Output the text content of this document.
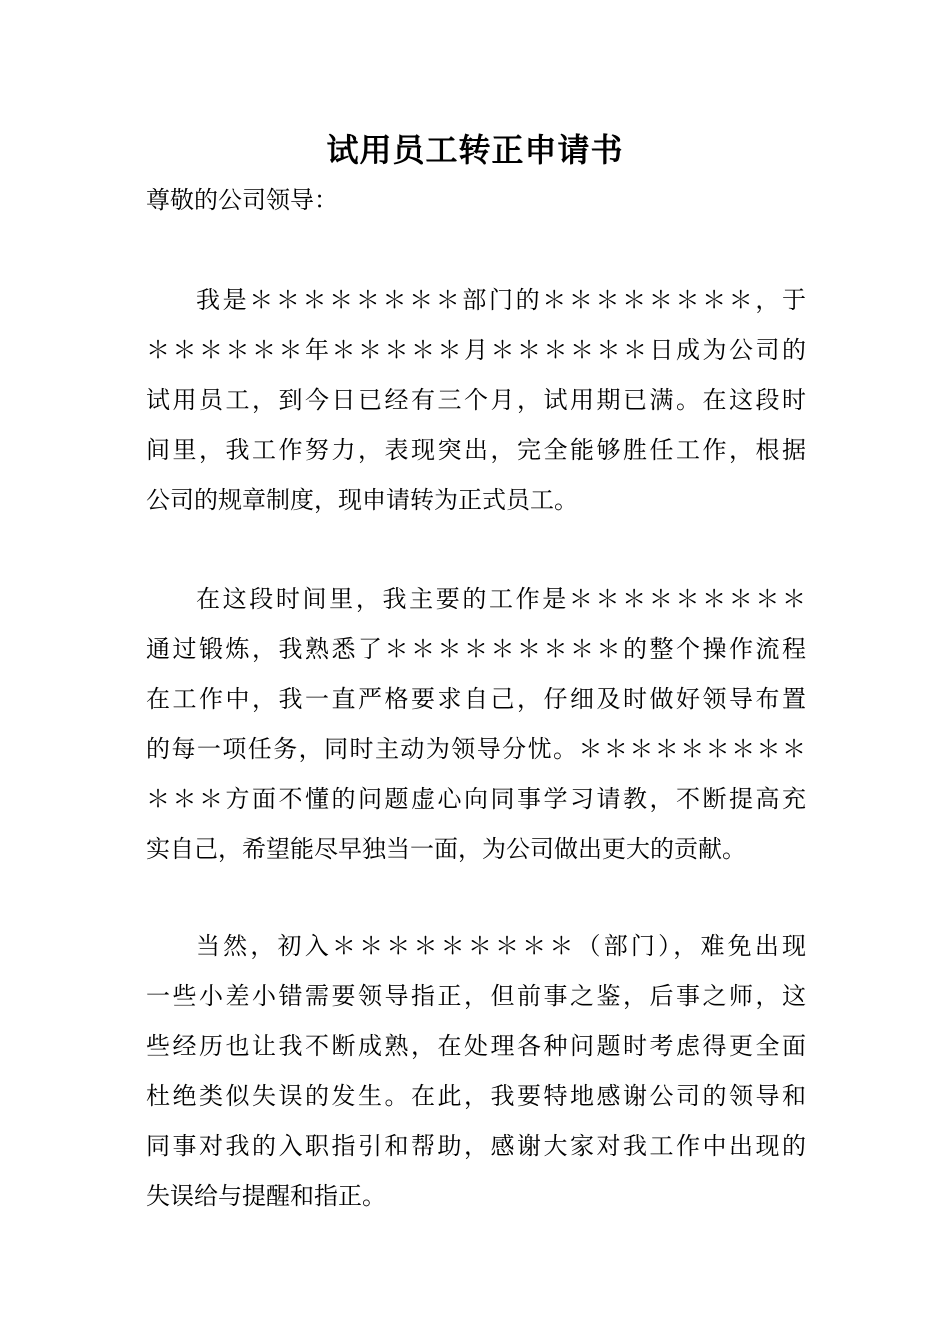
试用员工转正申请书

尊敬的公司领导：

我是＊＊＊＊＊＊＊＊部门的＊＊＊＊＊＊＊＊，于
＊＊＊＊＊＊年＊＊＊＊＊月＊＊＊＊＊＊日成为公司的
试用员工，到今日已经有三个月，试用期已满。在这段时
间里，我工作努力，表现突出，完全能够胜任工作，根据
公司的规章制度，现申请转为正式员工。
在这段时间里，我主要的工作是＊＊＊＊＊＊＊＊＊
通过锻炼，我熟悉了＊＊＊＊＊＊＊＊＊的整个操作流程
在工作中，我一直严格要求自己，仔细及时做好领导布置
的每一项任务，同时主动为领导分忧。＊＊＊＊＊＊＊＊＊
＊＊＊方面不懂的问题虚心向同事学习请教，不断提高充
实自己，希望能尽早独当一面，为公司做出更大的贡献。
当然，初入＊＊＊＊＊＊＊＊＊（部门），难免出现
一些小差小错需要领导指正，但前事之鉴，后事之师，这
些经历也让我不断成熟，在处理各种问题时考虑得更全面
杜绝类似失误的发生。在此，我要特地感谢公司的领导和
同事对我的入职指引和帮助，感谢大家对我工作中出现的
失误给与提醒和指正。
